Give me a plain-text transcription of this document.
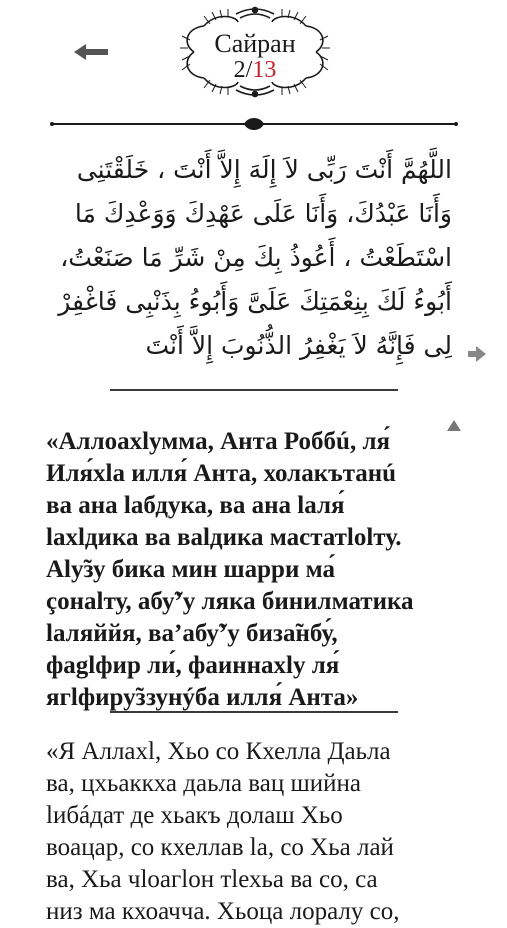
Сайран
2/13

اللَّهُمَّ أَنْتَ رَبِّى لاَ إِلَهَ إِلاَّ أَنْتَ ، خَلَقْتَنِى وَأَنَا عَبْدُكَ، وَأَنَا عَلَى عَهْدِكَ وَوَعْدِكَ مَا اسْتَطَعْتُ ، أَعُوذُ بِكَ مِنْ شَرِّ مَا صَنَعْتُ، أَبُوءُ لَكَ بِنِعْمَتِكَ عَلَىَّ وَأَبُوءُ بِذَنْبِى فَاغْفِرْ لِى فَإِنَّهُ لاَ يَغْفِرُ الذُّنُوبَ إِلاَّ أَنْتَ

«Аллоахlумма, Анта Роббú, ля́
Иля́хlа илля́ Анта, холакътанú
ва ана lабдука, ва ана lаля́
lахlдика ва ваlдика мастатlоlту.
Аlу̃зу бика мин шарри ма́
çонаlту, абу̃’у ляка бинилматика
lаляййя, ва’абу̃’у биза̃нбу́,
фаglфир ли́, фаиннахlу ля́
ягlфиру̃ззунýба илля́ Анта»

«Я Аллахl, Хьо со Кхелла Даьла
ва, цхьаккха даьла вац шийна
lибáдат де хьакъ долаш Хьо
воацар, со кхеллав lа, со Хьа лай
ва, Хьа чlоагlон тlехьа ва со, са
низ ма кхоачча. Хьоца лоралу со,
